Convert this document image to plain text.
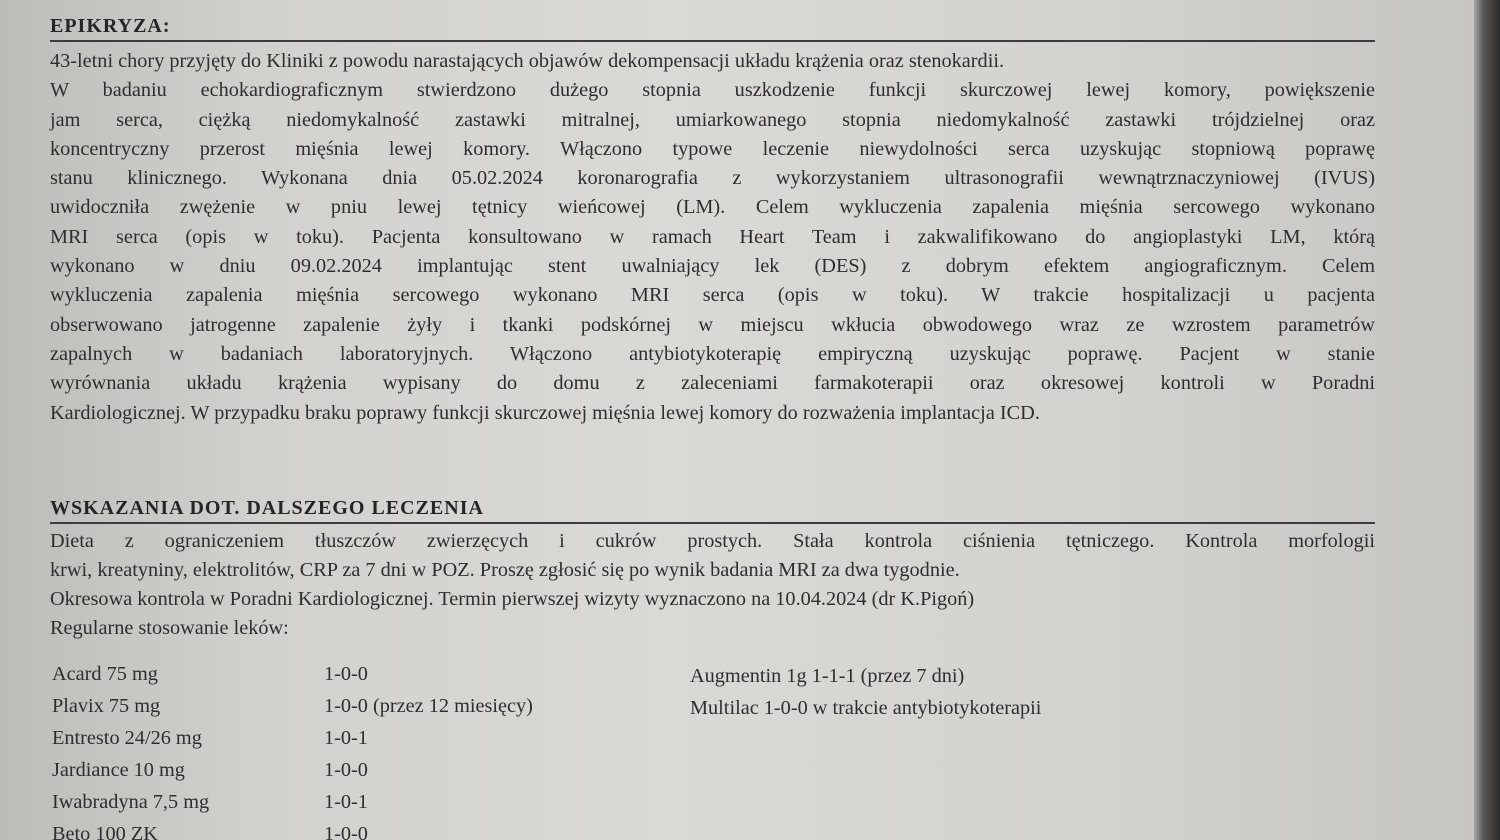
EPIKRYZA:
43-letni chory przyjęty do Kliniki z powodu narastających objawów dekompensacji układu krążenia oraz stenokardii.
W badaniu echokardiograficznym stwierdzono dużego stopnia uszkodzenie funkcji skurczowej lewej komory, powiększenie
jam serca, ciężką niedomykalność zastawki mitralnej, umiarkowanego stopnia niedomykalność zastawki trójdzielnej oraz
koncentryczny przerost mięśnia lewej komory. Włączono typowe leczenie niewydolności serca uzyskując stopniową poprawę
stanu klinicznego. Wykonana dnia 05.02.2024 koronarografia z wykorzystaniem ultrasonografii wewnątrznaczyniowej (IVUS)
uwidoczniła zwężenie w pniu lewej tętnicy wieńcowej (LM). Celem wykluczenia zapalenia mięśnia sercowego wykonano
MRI serca (opis w toku). Pacjenta konsultowano w ramach Heart Team i zakwalifikowano do angioplastyki LM, którą
wykonano w dniu 09.02.2024 implantując stent uwalniający lek (DES) z dobrym efektem angiograficznym. Celem
wykluczenia zapalenia mięśnia sercowego wykonano MRI serca (opis w toku). W trakcie hospitalizacji u pacjenta
obserwowano jatrogenne zapalenie żyły i tkanki podskórnej w miejscu wkłucia obwodowego wraz ze wzrostem parametrów
zapalnych w badaniach laboratoryjnych. Włączono antybiotykoterapię empiryczną uzyskując poprawę. Pacjent w stanie
wyrównania układu krążenia wypisany do domu z zaleceniami farmakoterapii oraz okresowej kontroli w Poradni
Kardiologicznej. W przypadku braku poprawy funkcji skurczowej mięśnia lewej komory do rozważenia implantacja ICD.
WSKAZANIA DOT. DALSZEGO LECZENIA
Dieta z ograniczeniem tłuszczów zwierzęcych i cukrów prostych. Stała kontrola ciśnienia tętniczego. Kontrola morfologii
krwi, kreatyniny, elektrolitów, CRP za 7 dni w POZ. Proszę zgłosić się po wynik badania MRI za dwa tygodnie.
Okresowa kontrola w Poradni Kardiologicznej. Termin pierwszej wizyty wyznaczono na 10.04.2024 (dr K.Pigoń)
Regularne stosowanie leków:
Acard 75 mg	1-0-0
Plavix 75 mg	1-0-0 (przez 12 miesięcy)
Entresto 24/26 mg	1-0-1
Jardiance 10 mg	1-0-0
Iwabradyna 7,5 mg	1-0-1
Beto 100 ZK	1-0-0
Augmentin 1g 1-1-1 (przez 7 dni)
Multilac 1-0-0 w trakcie antybiotykoterapii
